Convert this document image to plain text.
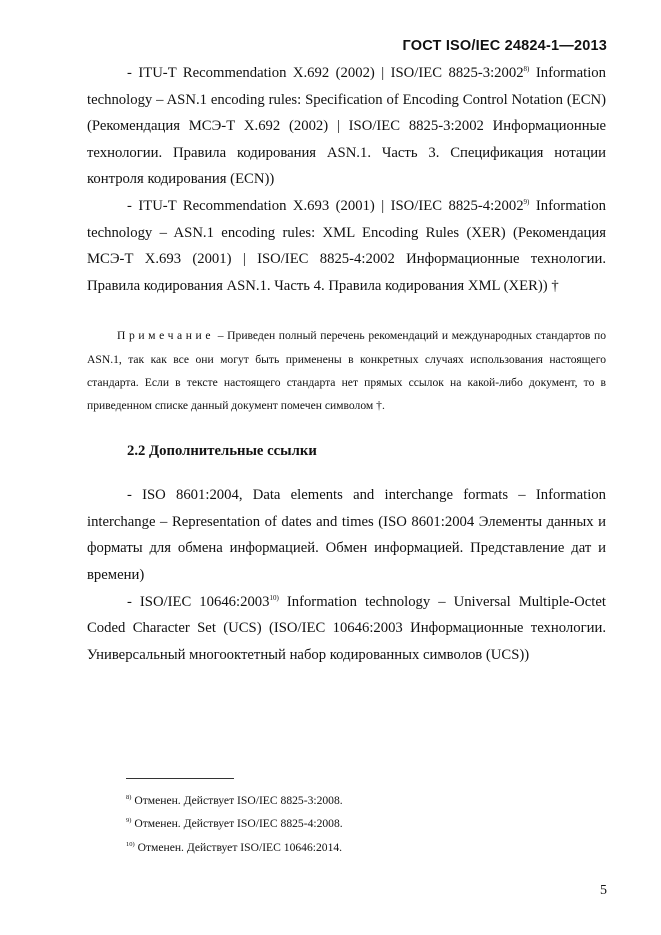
ГОСТ ISO/IEC 24824-1—2013

- ITU-T Recommendation X.692 (2002) | ISO/IEC 8825-3:2002$^{8)}$ Information technology – ASN.1 encoding rules: Specification of Encoding Control Notation (ECN) (Рекомендация МСЭ-Т X.692 (2002) | ISO/IEC 8825-3:2002 Информационные технологии. Правила кодирования ASN.1. Часть 3. Спецификация нотации контроля кодирования (ECN))

- ITU-T Recommendation X.693 (2001) | ISO/IEC 8825-4:2002$^{9)}$ Information technology – ASN.1 encoding rules: XML Encoding Rules (XER) (Рекомендация МСЭ-Т X.693 (2001) | ISO/IEC 8825-4:2002 Информационные технологии. Правила кодирования ASN.1. Часть 4. Правила кодирования XML (XER)) †

Примечание – Приведен полный перечень рекомендаций и международных стандартов по ASN.1, так как все они могут быть применены в конкретных случаях использования настоящего стандарта. Если в тексте настоящего стандарта нет прямых ссылок на какой-либо документ, то в приведенном списке данный документ помечен символом †.

2.2 Дополнительные ссылки

- ISO 8601:2004, Data elements and interchange formats – Information interchange – Representation of dates and times (ISO 8601:2004 Элементы данных и форматы для обмена информацией. Обмен информацией. Представление дат и времени)

- ISO/IEC 10646:2003$^{10)}$ Information technology – Universal Multiple-Octet Coded Character Set (UCS) (ISO/IEC 10646:2003 Информационные технологии. Универсальный многооктетный набор кодированных символов (UCS))

$^{8)}$ Отменен. Действует ISO/IEC 8825-3:2008.
$^{9)}$ Отменен. Действует ISO/IEC 8825-4:2008.
$^{10)}$ Отменен. Действует ISO/IEC 10646:2014.
5
